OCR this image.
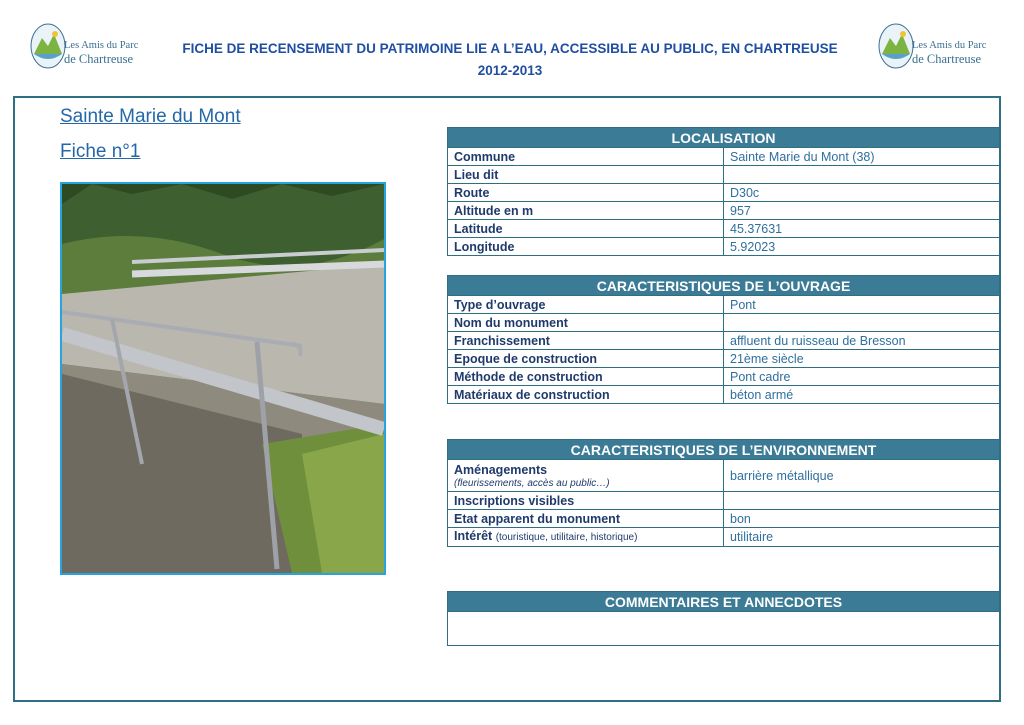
Les Amis du Parc
de Chartreuse
Les Amis du Parc
de Chartreuse
FICHE DE RECENSEMENT DU PATRIMOINE LIE A L’EAU, ACCESSIBLE AU PUBLIC, EN CHARTREUSE
2012-2013
Sainte Marie du Mont
Fiche n°1
LOCALISATION	
Commune	Sainte Marie du Mont (38)
Lieu dit	
Route	D30c
Altitude en m	957
Latitude	45.37631
Longitude	5.92023
CARACTERISTIQUES DE L’OUVRAGE	
Type d’ouvrage	Pont
Nom du monument	
Franchissement	affluent du ruisseau de Bresson
Epoque de construction	21ème siècle
Méthode de construction	Pont cadre
Matériaux de construction	béton armé
CARACTERISTIQUES DE L’ENVIRONNEMENT	
Aménagements
(fleurissements, accès au public…)	barrière métallique
Inscriptions visibles	
Etat apparent du monument	bon
Intérêt (touristique, utilitaire, historique)	utilitaire
COMMENTAIRES ET ANNECDOTES
